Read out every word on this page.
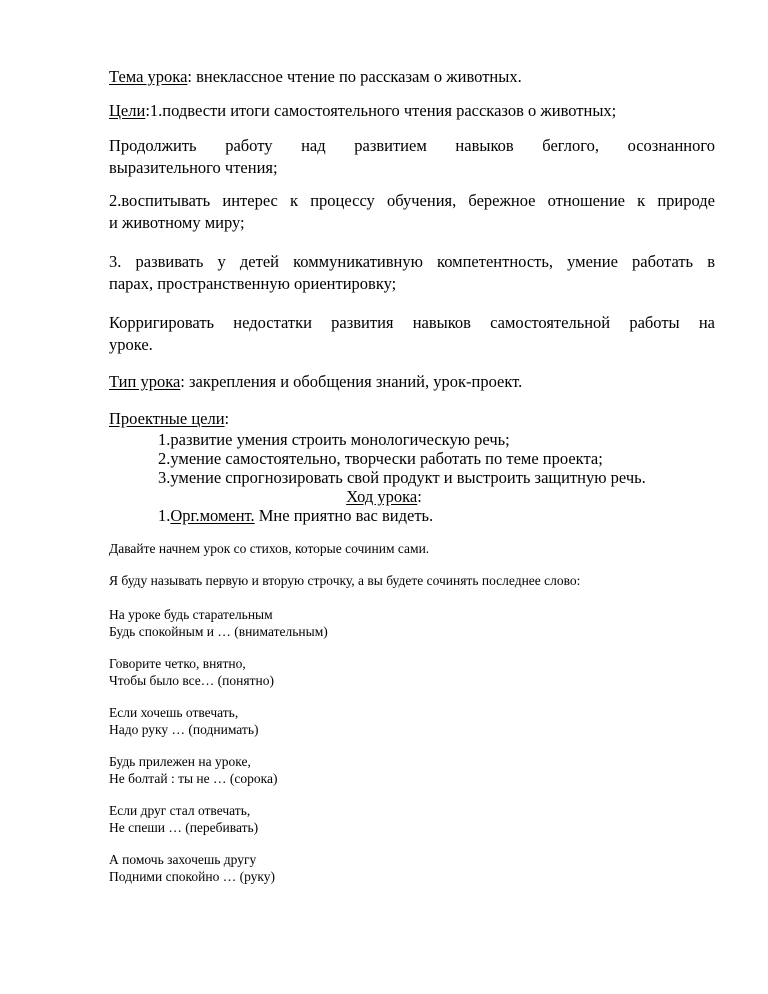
Тема урока: внеклассное чтение по рассказам о животных.
Цели:1.подвести итоги самостоятельного чтения рассказов о животных;
Продолжить работу над развитием навыков беглого, осознанного
выразительного чтения;
2.воспитывать интерес к процессу обучения, бережное отношение к природе
и животному миру;
3. развивать у детей коммуникативную компетентность, умение работать в
парах, пространственную ориентировку;
Корригировать недостатки развития навыков самостоятельной работы на
уроке.
Тип урока: закрепления и обобщения знаний, урок-проект.
Проектные цели:
1.развитие умения строить монологическую речь;
2.умение самостоятельно, творчески работать по теме проекта;
3.умение спрогнозировать свой продукт и выстроить защитную речь.
Ход урока:
1.Орг.момент. Мне приятно вас видеть.
Давайте начнем урок со стихов, которые сочиним сами.
Я буду называть первую и вторую строчку, а вы будете сочинять последнее слово:
На уроке будь старательным
Будь спокойным и … (внимательным)
Говорите четко, внятно,
Чтобы было все… (понятно)
Если хочешь отвечать,
Надо руку … (поднимать)
Будь прилежен на уроке,
Не болтай : ты не … (сорока)
Если друг стал отвечать,
Не спеши … (перебивать)
А помочь захочешь другу
Подними спокойно … (руку)
